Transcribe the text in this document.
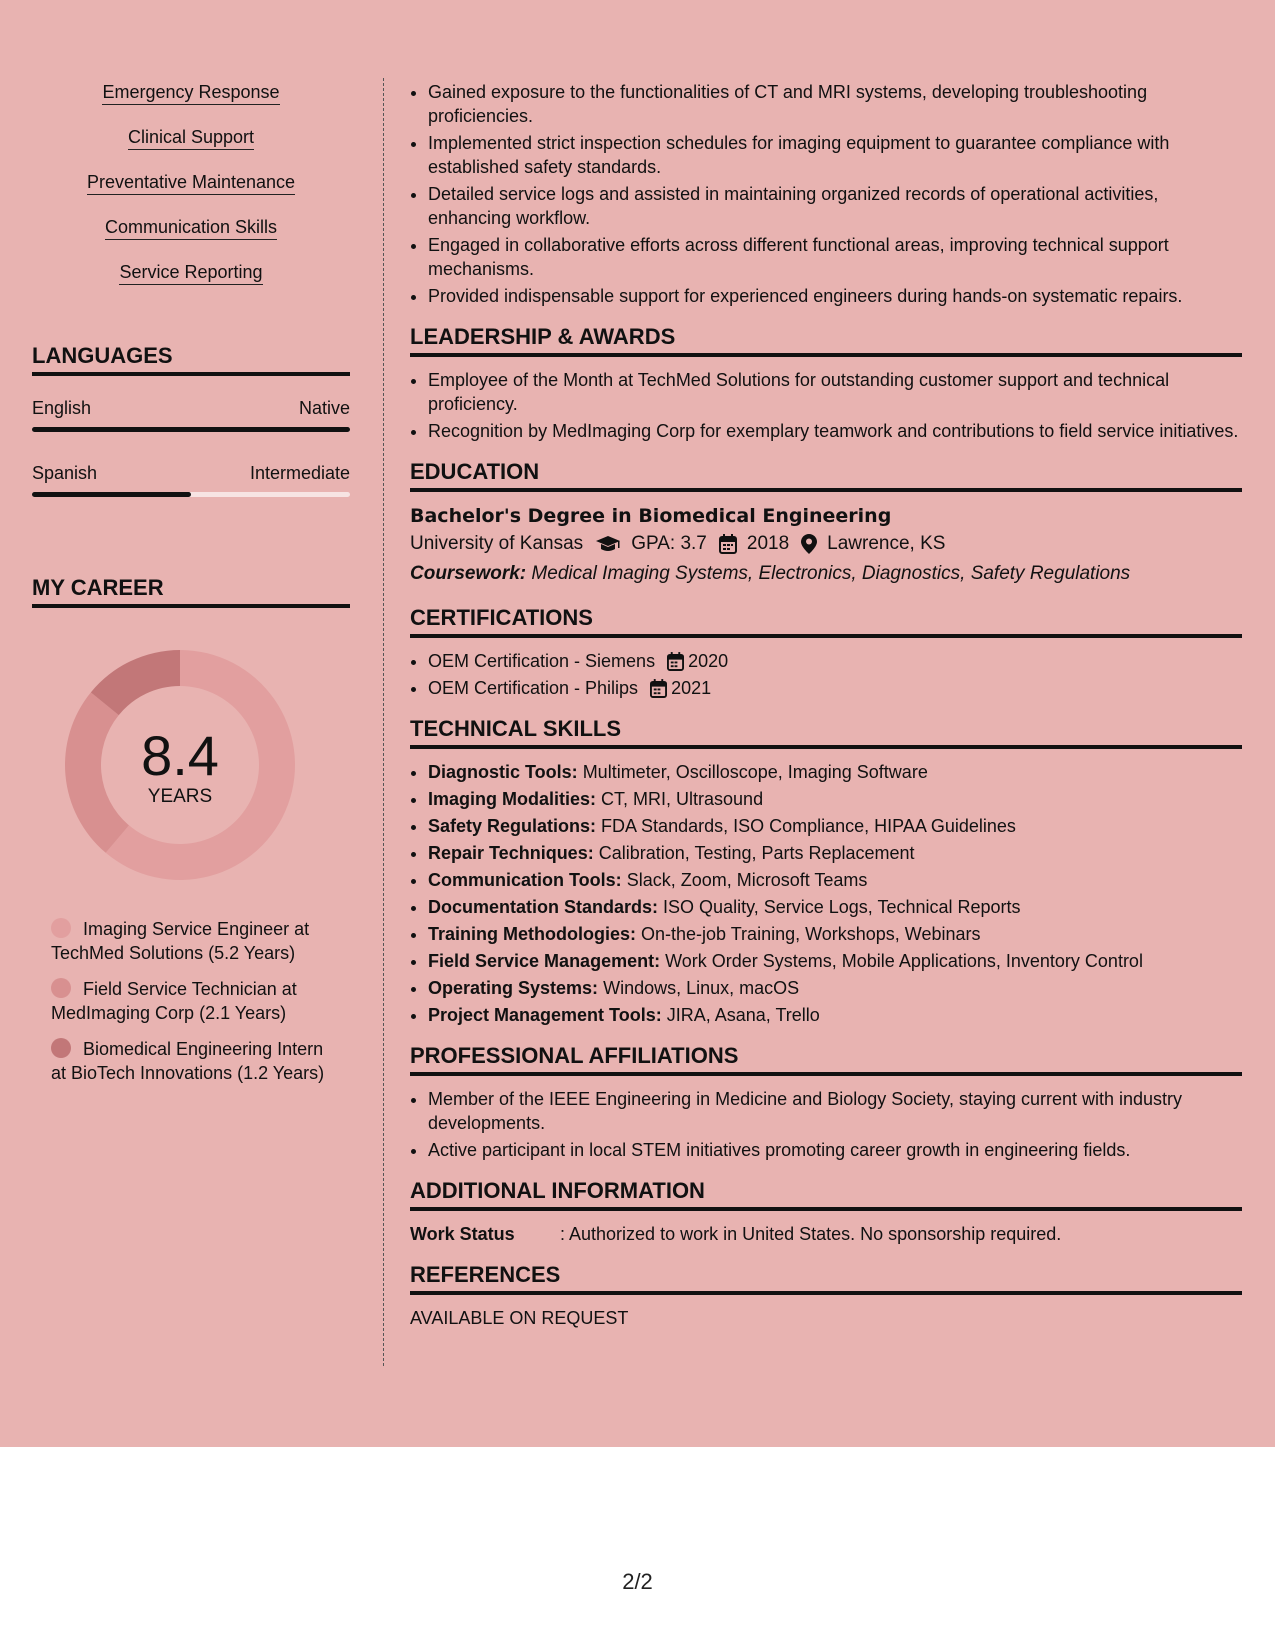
Emergency Response
Clinical Support
Preventative Maintenance
Communication Skills
Service Reporting
LANGUAGES
English	Native
Spanish	Intermediate
MY CAREER
8.4
YEARS
Imaging Service Engineer at TechMed Solutions (5.2 Years)
Field Service Technician at MedImaging Corp (2.1 Years)
Biomedical Engineering Intern at BioTech Innovations (1.2 Years)
• Gained exposure to the functionalities of CT and MRI systems, developing troubleshooting proficiencies.
• Implemented strict inspection schedules for imaging equipment to guarantee compliance with established safety standards.
• Detailed service logs and assisted in maintaining organized records of operational activities, enhancing workflow.
• Engaged in collaborative efforts across different functional areas, improving technical support mechanisms.
• Provided indispensable support for experienced engineers during hands-on systematic repairs.
LEADERSHIP & AWARDS
• Employee of the Month at TechMed Solutions for outstanding customer support and technical proficiency.
• Recognition by MedImaging Corp for exemplary teamwork and contributions to field service initiatives.
EDUCATION
Bachelor's Degree in Biomedical Engineering
University of Kansas	GPA: 3.7 2018 Lawrence, KS
Coursework: Medical Imaging Systems, Electronics, Diagnostics, Safety Regulations
CERTIFICATIONS
• OEM Certification - Siemens 2020
• OEM Certification - Philips 2021
TECHNICAL SKILLS
• Diagnostic Tools: Multimeter, Oscilloscope, Imaging Software
• Imaging Modalities: CT, MRI, Ultrasound
• Safety Regulations: FDA Standards, ISO Compliance, HIPAA Guidelines
• Repair Techniques: Calibration, Testing, Parts Replacement
• Communication Tools: Slack, Zoom, Microsoft Teams
• Documentation Standards: ISO Quality, Service Logs, Technical Reports
• Training Methodologies: On-the-job Training, Workshops, Webinars
• Field Service Management: Work Order Systems, Mobile Applications, Inventory Control
• Operating Systems: Windows, Linux, macOS
• Project Management Tools: JIRA, Asana, Trello
PROFESSIONAL AFFILIATIONS
• Member of the IEEE Engineering in Medicine and Biology Society, staying current with industry developments.
• Active participant in local STEM initiatives promoting career growth in engineering fields.
ADDITIONAL INFORMATION
Work Status	: Authorized to work in United States. No sponsorship required.
REFERENCES
AVAILABLE ON REQUEST
2/2
